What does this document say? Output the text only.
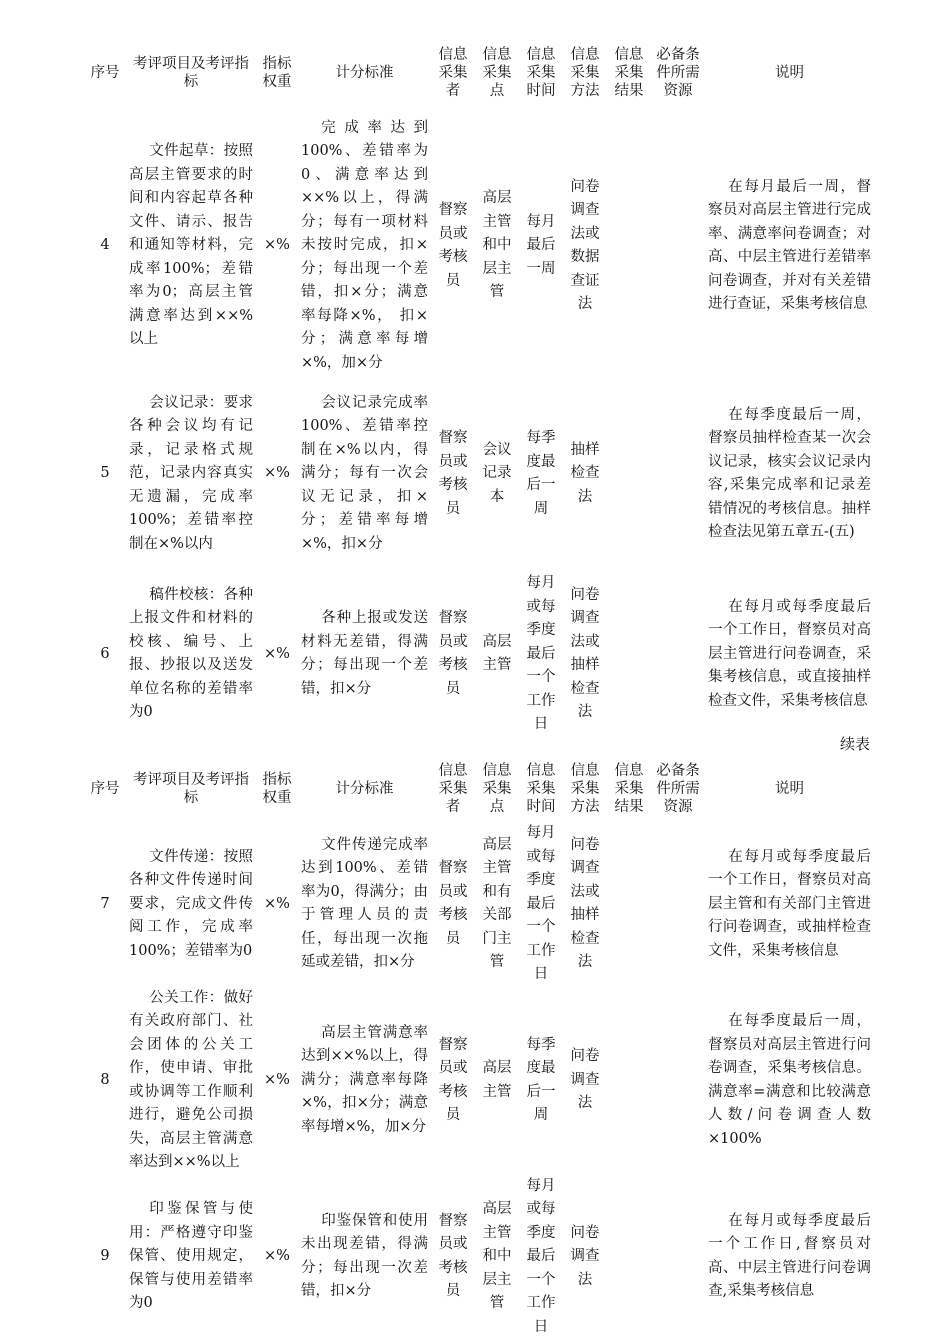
序号	考评项目及考评指标	指标权重	计分标准	信息采集者	信息采集点	信息采集时间	信息采集方法	信息采集结果	必备条件所需资源	说明
4	文件起草：按照高层主管要求的时间和内容起草各种文件、请示、报告和通知等材料，完成率100%；差错率为0；高层主管满意率达到××%以上	×%	完成率达到100%、差错率为0、满意率达到××%以上，得满分；每有一项材料未按时完成，扣×分；每出现一个差错，扣×分；满意率每降×%， 扣×分；满意率每增×%，加×分	督察员或考核员	高层主管和中层主管	每月最后一周	问卷调查法或数据查证法			在每月最后一周，督察员对高层主管进行完成率、满意率问卷调查；对高、中层主管进行差错率问卷调查，并对有关差错进行查证，采集考核信息
5	会议记录：要求各种会议均有记录，记录格式规范，记录内容真实无遗漏，完成率 100%；差错率控制在×%以内	×%	会议记录完成率 100%、差错率控制在×%以内，得满分；每有一次会议无记录，扣×分；差错率每增×%，扣×分	督察员或考核员	会议记录本	每季度最后一周	抽样检查法			在每季度最后一周，督察员抽样检查某一次会议记录，核实会议记录内容,采集完成率和记录差错情况的考核信息。抽样检查法见第五章五-(五)
6	稿件校核：各种上报文件和材料的校核、编号、上报、抄报以及送发单位名称的差错率为0	×%	各种上报或发送材料无差错，得满分；每出现一个差错，扣×分	督察员或考核员	高层主管	每月或每季度最后一个工作日	问卷调查法或抽样检查法			在每月或每季度最后一个工作日，督察员对高层主管进行问卷调查，采集考核信息，或直接抽样检查文件，采集考核信息
续表
序号	考评项目及考评指标	指标权重	计分标准	信息采集者	信息采集点	信息采集时间	信息采集方法	信息采集结果	必备条件所需资源	说明
7	文件传递：按照各种文件传递时间要求，完成文件传阅工作，完成率 100%；差错率为0	×%	文件传递完成率达到100%、差错率为0，得满分；由于管理人员的责任，每出现一次拖延或差错，扣×分	督察员或考核员	高层主管和有关部门主管	每月或每季度最后一个工作日	问卷调查法或抽样检查法			在每月或每季度最后一个工作日，督察员对高层主管和有关部门主管进行问卷调查，或抽样检查文件，采集考核信息
8	公关工作：做好有关政府部门、社会团体的公关工作，使申请、审批或协调等工作顺利进行，避免公司损失，高层主管满意率达到××%以上	×%	高层主管满意率达到××%以上，得满分；满意率每降×%，扣×分；满意率每增×%，加×分	督察员或考核员	高层主管	每季度最后一周	问卷调查法			在每季度最后一周，督察员对高层主管进行问卷调查，采集考核信息。满意率=满意和比较满意人数/问卷调查人数×100%
9	印鉴保管与使用：严格遵守印鉴保管、使用规定，保管与使用差错率为0	×%	印鉴保管和使用未出现差错，得满分；每出现一次差错，扣×分	督察员或考核员	高层主管和中层主管	每月或每季度最后一个工作日	问卷调查法			在每月或每季度最后一个工作日,督察员对高、中层主管进行问卷调查,采集考核信息
